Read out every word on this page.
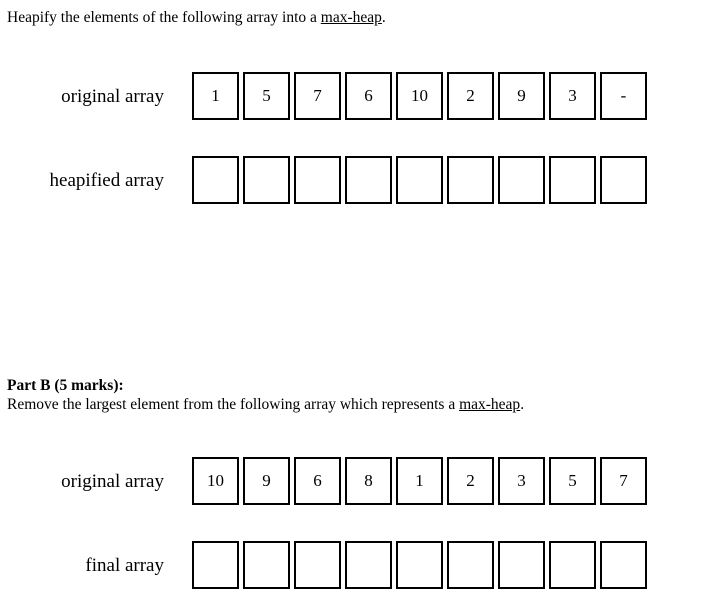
Heapify the elements of the following array into a max-heap.
original array	1	5	7	6	10	2	9	3	-
heapified array
Part B (5 marks):
Remove the largest element from the following array which represents a max-heap.
original array	10	9	6	8	1	2	3	5	7
final array
